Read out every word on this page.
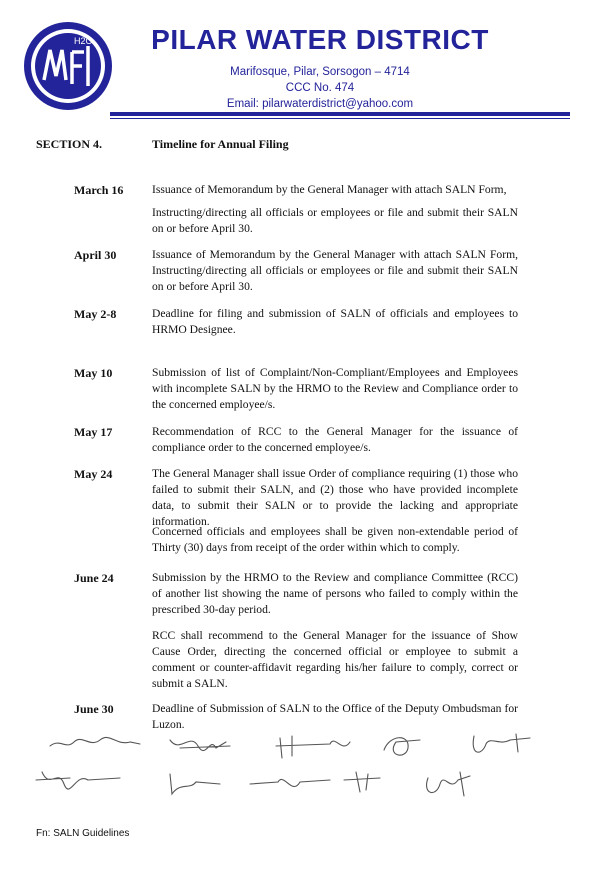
H2O	PILAR WATER DISTRICT
Marifosque, Pilar, Sorsogon – 4714
CCC No. 474
Email: pilarwaterdistrict@yahoo.com
SECTION 4.	Timeline for Annual Filing
March 16 Issuance of Memorandum by the General Manager with attach SALN Form,
Instructing/directing all officials or employees or file and submit their SALN on or before April 30.
April 30	Issuance of Memorandum by the General Manager with attach SALN Form, Instructing/directing all officials or employees or file and submit their SALN on or before April 30.
May 2-8	Deadline for filing and submission of SALN of officials and employees to HRMO Designee.
May 10	Submission of list of Complaint/Non-Compliant/Employees and Employees with incomplete SALN by the HRMO to the Review and Compliance order to the concerned employee/s.
May 17	Recommendation of RCC to the General Manager for the issuance of compliance order to the concerned employee/s.
May 24	The General Manager shall issue Order of compliance requiring (1) those who failed to submit their SALN, and (2) those who have provided incomplete data, to submit their SALN or to provide the lacking and appropriate information.
Concerned officials and employees shall be given non-extendable period of Thirty (30) days from receipt of the order within which to comply.
June 24	Submission by the HRMO to the Review and compliance Committee (RCC) of another list showing the name of persons who failed to comply within the prescribed 30-day period.
RCC shall recommend to the General Manager for the issuance of Show Cause Order, directing the concerned official or employee to submit a comment or counter-affidavit regarding his/her failure to comply, correct or submit a SALN.
June 30	Deadline of Submission of SALN to the Office of the Deputy Ombudsman for Luzon.
Fn: SALN Guidelines
